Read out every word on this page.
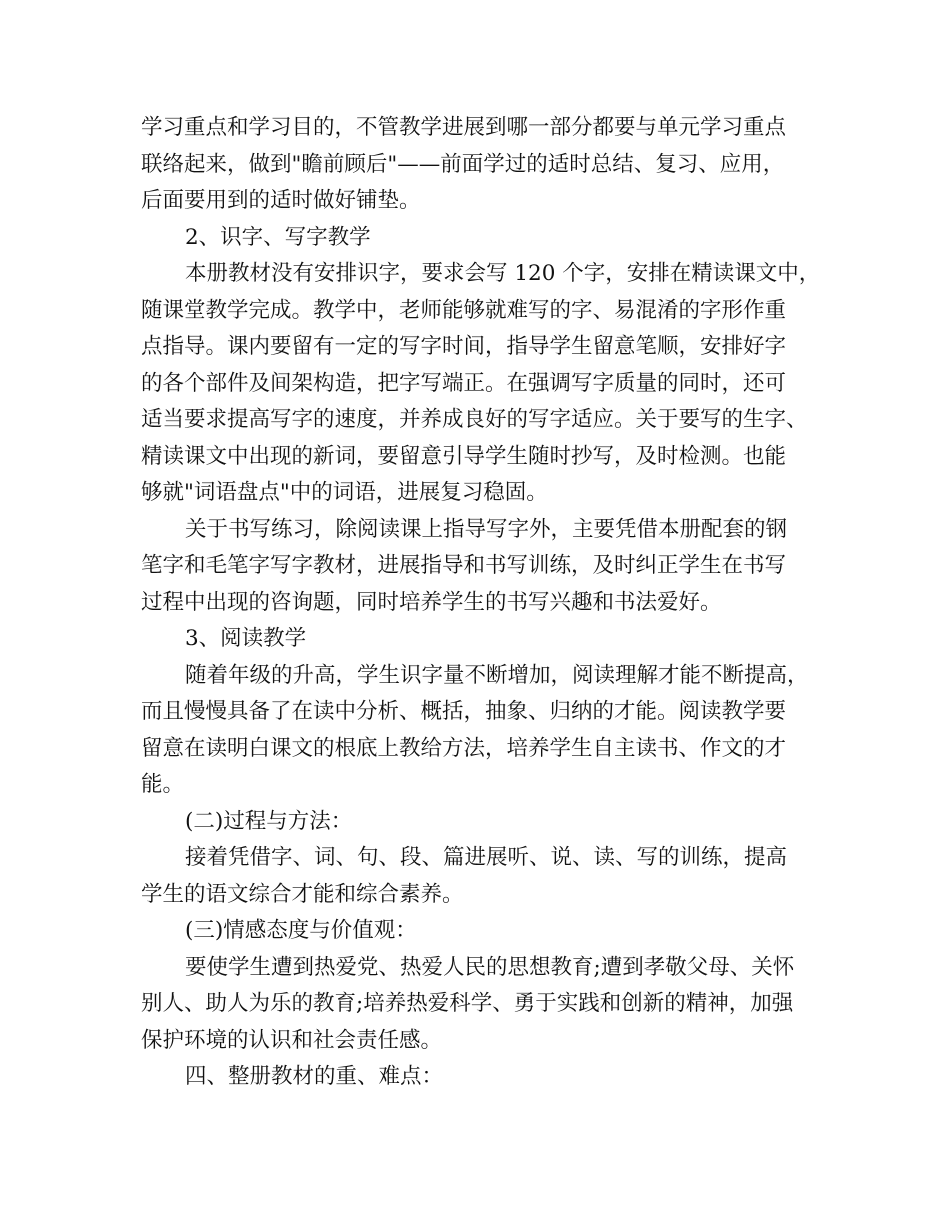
学习重点和学习目的，不管教学进展到哪一部分都要与单元学习重点
联络起来，做到"瞻前顾后"——前面学过的适时总结、复习、应用，
后面要用到的适时做好铺垫。
2、识字、写字教学
本册教材没有安排识字，要求会写 120 个字，安排在精读课文中，
随课堂教学完成。教学中，老师能够就难写的字、易混淆的字形作重
点指导。课内要留有一定的写字时间，指导学生留意笔顺，安排好字
的各个部件及间架构造，把字写端正。在强调写字质量的同时，还可
适当要求提高写字的速度，并养成良好的写字适应。关于要写的生字、
精读课文中出现的新词，要留意引导学生随时抄写，及时检测。也能
够就"词语盘点"中的词语，进展复习稳固。
关于书写练习，除阅读课上指导写字外，主要凭借本册配套的钢
笔字和毛笔字写字教材，进展指导和书写训练，及时纠正学生在书写
过程中出现的咨询题，同时培养学生的书写兴趣和书法爱好。
3、阅读教学
随着年级的升高，学生识字量不断增加，阅读理解才能不断提高，
而且慢慢具备了在读中分析、概括，抽象、归纳的才能。阅读教学要
留意在读明白课文的根底上教给方法，培养学生自主读书、作文的才
能。
(二)过程与方法：
接着凭借字、词、句、段、篇进展听、说、读、写的训练，提高
学生的语文综合才能和综合素养。
(三)情感态度与价值观：
要使学生遭到热爱党、热爱人民的思想教育;遭到孝敬父母、关怀
别人、助人为乐的教育;培养热爱科学、勇于实践和创新的精神，加强
保护环境的认识和社会责任感。
四、整册教材的重、难点：
